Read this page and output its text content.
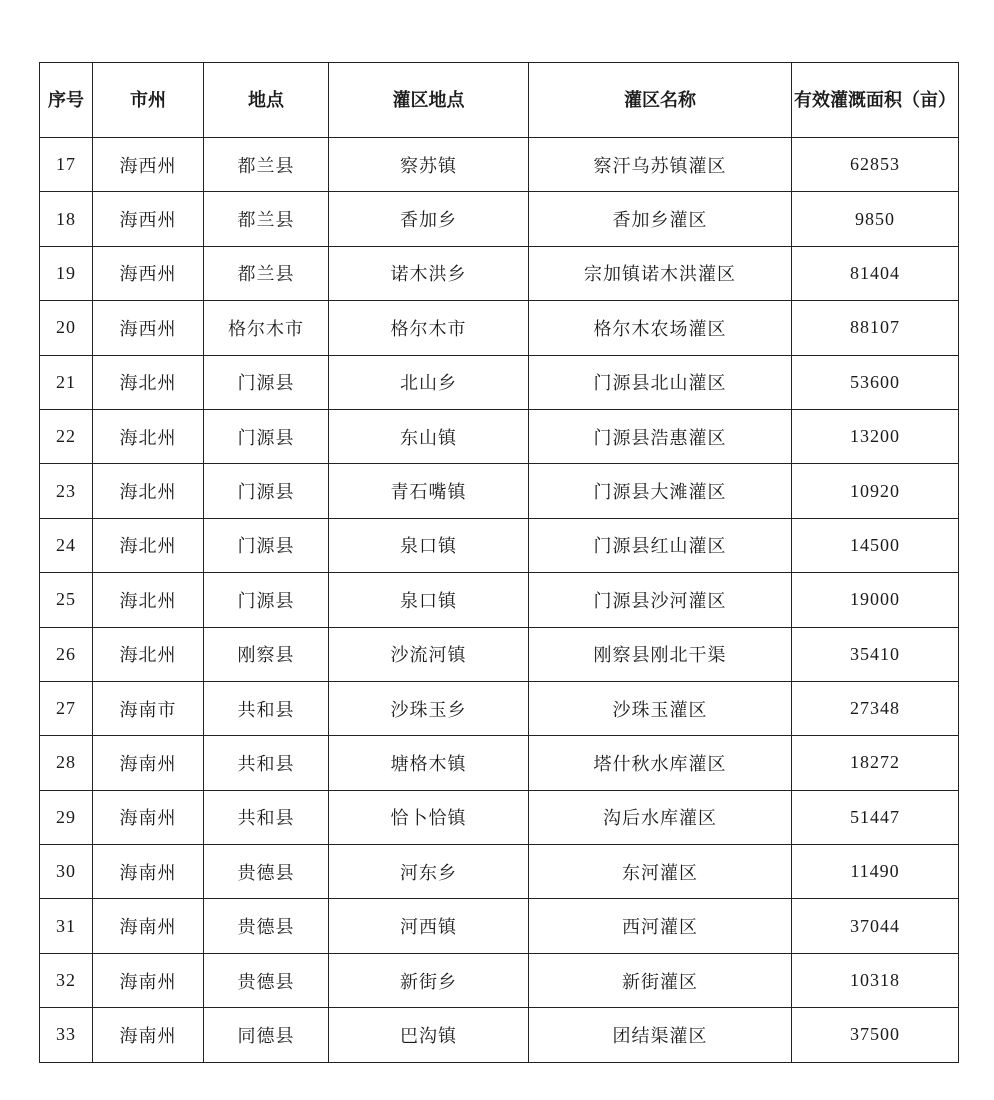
序号	市州	地点	灌区地点	灌区名称	有效灌溉面积（亩）
17	海西州	都兰县	察苏镇	察汗乌苏镇灌区	62853
18	海西州	都兰县	香加乡	香加乡灌区	9850
19	海西州	都兰县	诺木洪乡	宗加镇诺木洪灌区	81404
20	海西州	格尔木市	格尔木市	格尔木农场灌区	88107
21	海北州	门源县	北山乡	门源县北山灌区	53600
22	海北州	门源县	东山镇	门源县浩惠灌区	13200
23	海北州	门源县	青石嘴镇	门源县大滩灌区	10920
24	海北州	门源县	泉口镇	门源县红山灌区	14500
25	海北州	门源县	泉口镇	门源县沙河灌区	19000
26	海北州	刚察县	沙流河镇	刚察县刚北干渠	35410
27	海南市	共和县	沙珠玉乡	沙珠玉灌区	27348
28	海南州	共和县	塘格木镇	塔什秋水库灌区	18272
29	海南州	共和县	恰卜恰镇	沟后水库灌区	51447
30	海南州	贵德县	河东乡	东河灌区	11490
31	海南州	贵德县	河西镇	西河灌区	37044
32	海南州	贵德县	新街乡	新街灌区	10318
33	海南州	同德县	巴沟镇	团结渠灌区	37500
